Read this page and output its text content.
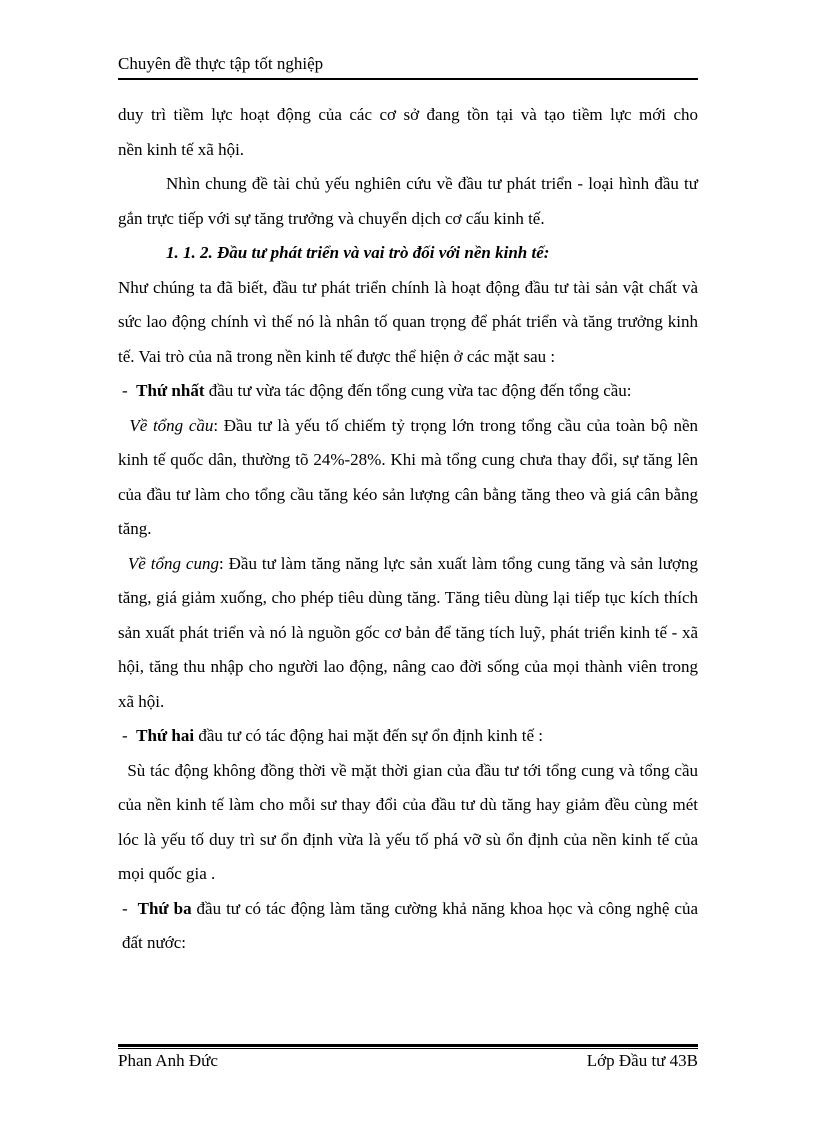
Chuyên đề thực tập tốt nghiệp

duy trì tiềm lực hoạt động của các cơ sở đang tồn tại và tạo tiềm lực mới cho

nền kinh tế xã hội.

Nhìn chung đề tài chủ yếu nghiên cứu về đầu tư phát triển - loại hình đầu tư gắn trực tiếp với sự tăng trưởng và chuyển dịch cơ cấu kinh tế.

1. 1. 2. Đầu tư phát triển và vai trò đối với nền kinh tế:

Như chúng ta đã biết, đầu tư phát triển chính là hoạt động đầu tư tài sản vật chất và sức lao động chính vì thế nó là nhân tố quan trọng để phát triển và tăng trưởng kinh tế. Vai trò của nã trong nền kinh tế được thể hiện ở các mặt sau :

- Thứ nhất đầu tư vừa tác động đến tổng cung vừa tac động đến tổng cầu:

Về tổng cầu: Đầu tư là yếu tố chiếm tỷ trọng lớn trong tổng cầu của toàn bộ nền kinh tế quốc dân, thường tõ 24%-28%. Khi mà tổng cung chưa thay đổi, sự tăng lên của đầu tư làm cho tổng cầu tăng kéo sản lượng cân bằng tăng theo và giá cân bằng tăng.

Về tổng cung: Đầu tư làm tăng năng lực sản xuất làm tổng cung tăng và sản lượng tăng, giá giảm xuống, cho phép tiêu dùng tăng. Tăng tiêu dùng lại tiếp tục kích thích sản xuất phát triển và nó là nguồn gốc cơ bản để tăng tích luỹ, phát triển kinh tế - xã hội, tăng thu nhập cho người lao động, nâng cao đời sống của mọi thành viên trong xã hội.

- Thứ hai đầu tư có tác động hai mặt đến sự ổn định kinh tế :

Sù tác động không đồng thời về mặt thời gian của đầu tư tới tổng cung và tổng cầu của nền kinh tế làm cho mỗi sư thay đổi của đầu tư dù tăng hay giảm đều cùng mét lóc là yếu tố duy trì sư ổn định vừa là yếu tố phá vỡ sù ổn định của nền kinh tế của mọi quốc gia .

- Thứ ba đầu tư có tác động làm tăng cường khả năng khoa học và công nghệ của đất nước:

Phan Anh Đức	Lớp Đầu tư 43B
